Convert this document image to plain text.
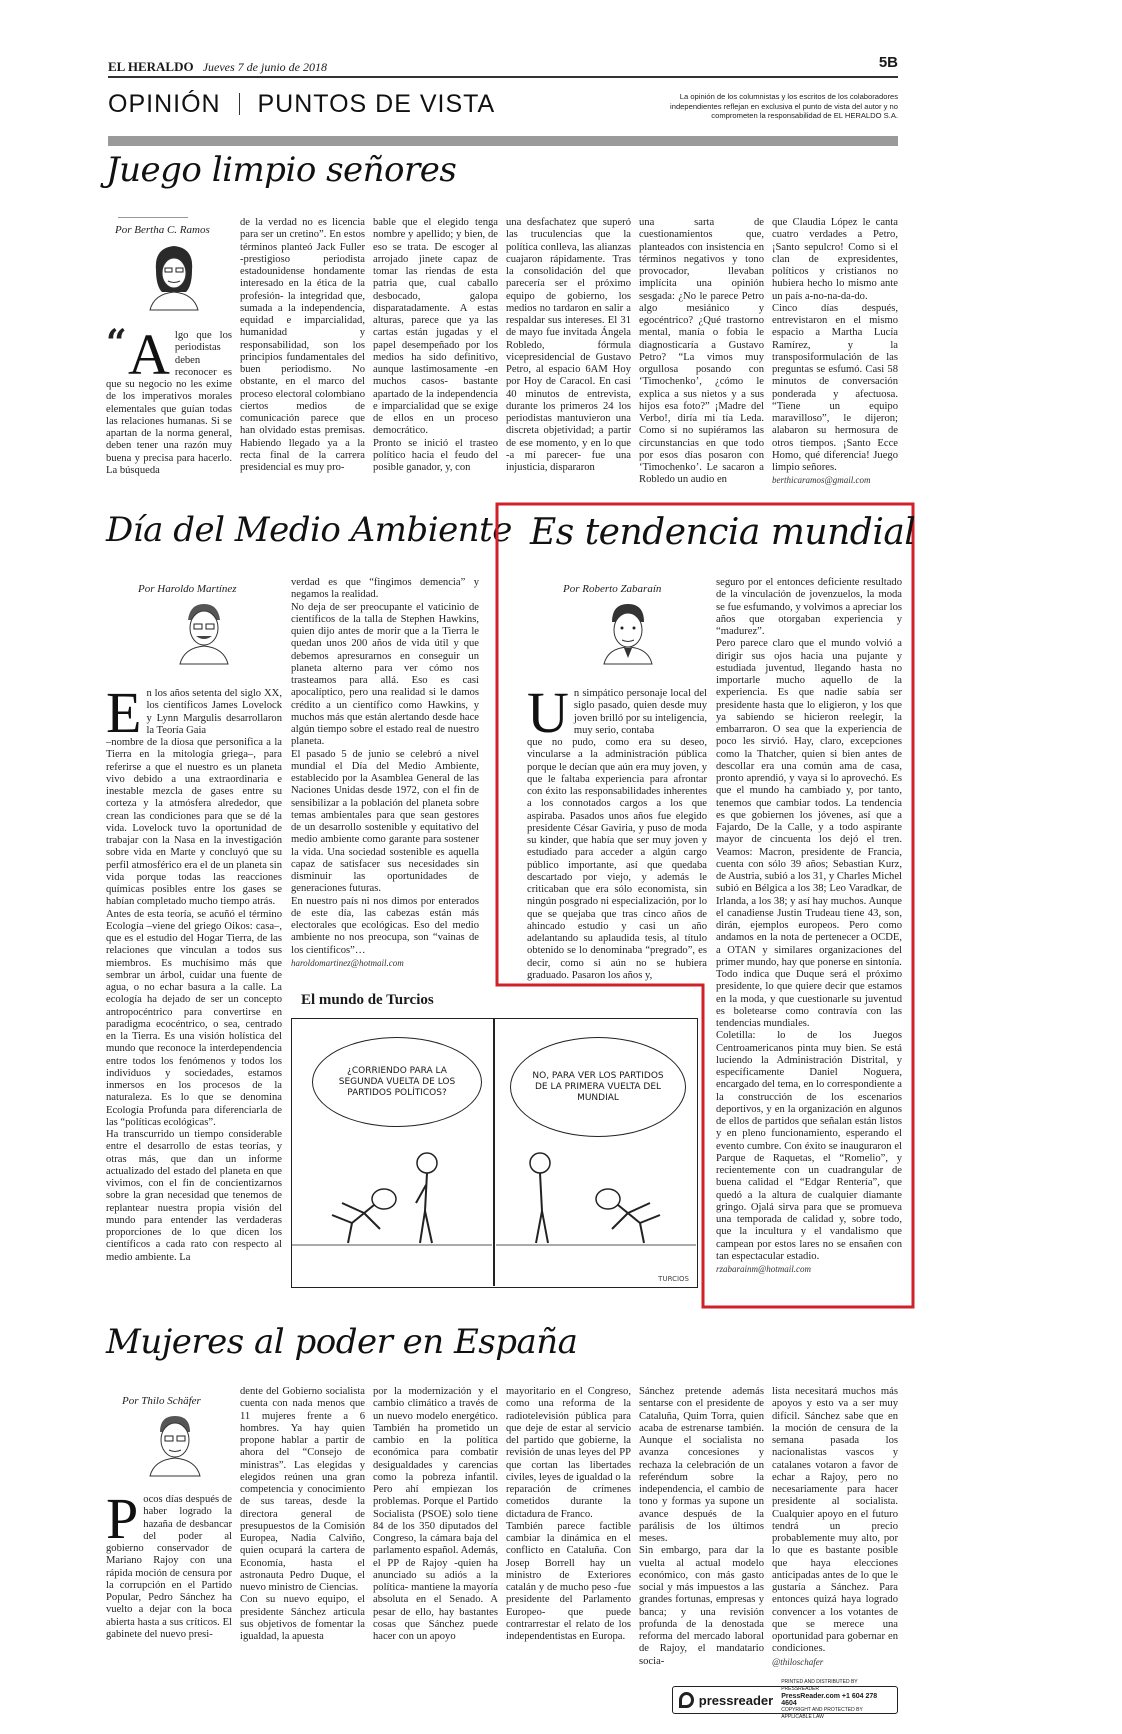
EL HERALDO Jueves 7 de junio de 2018	5B
OPINIÓN PUNTOS DE VISTA	La opinión de los columnistas y los escritos de los colaboradores independientes reflejan en exclusiva el punto de vista del autor y no comprometen la responsabilidad de EL HERALDO S.A.
Juego limpio señores
Por Bertha C. Ramos
“ A lgo que los periodistas deben reconocer es que su negocio no les exime de los imperativos morales elementales que guían todas las relaciones humanas. Si se apartan de la norma general, deben tener una razón muy buena y precisa para hacerlo. La búsqueda
de la verdad no es licencia para ser un cretino”. En estos términos planteó Jack Fuller -prestigioso periodista estadounidense hondamente interesado en la ética de la profesión- la integridad que, sumada a la independencia, equidad e imparcialidad, humanidad y responsabilidad, son los principios fundamentales del buen periodismo. No obstante, en el marco del proceso electoral colombiano ciertos medios de comunicación parece que han olvidado estas premisas. Habiendo llegado ya a la recta final de la carrera presidencial es muy pro-
bable que el elegido tenga nombre y apellido; y bien, de eso se trata. De escoger al arrojado jinete capaz de tomar las riendas de esta patria que, cual caballo desbocado, galopa disparatadamente. A estas alturas, parece que ya las cartas están jugadas y el papel desempeñado por los medios ha sido definitivo, aunque lastimosamente -en muchos casos- bastante apartado de la independencia e imparcialidad que se exige de ellos en un proceso democrático.
Pronto se inició el trasteo político hacia el feudo del posible ganador, y, con
una desfachatez que superó las truculencias que la política conlleva, las alianzas cuajaron rápidamente. Tras la consolidación del que parecería ser el próximo equipo de gobierno, los medios no tardaron en salir a respaldar sus intereses. El 31 de mayo fue invitada Ángela Robledo, fórmula vicepresidencial de Gustavo Petro, al espacio 6AM Hoy por Hoy de Caracol. En casi 40 minutos de entrevista, durante los primeros 24 los periodistas mantuvieron una discreta objetividad; a partir de ese momento, y en lo que -a mí parecer- fue una injusticia, dispararon
una sarta de cuestionamientos que, planteados con insistencia en términos negativos y tono provocador, llevaban implícita una opinión sesgada: ¿No le parece Petro algo mesiánico y egocéntrico? ¿Qué trastorno mental, manía o fobia le diagnosticaría a Gustavo Petro? “La vimos muy orgullosa posando con ‘Timochenko’, ¿cómo le explica a sus nietos y a sus hijos esa foto?” ¡Madre del Verbo!, diría mi tía Leda. Como si no supiéramos las circunstancias en que todo por esos días posaron con ‘Timochenko’. Le sacaron a Robledo un audio en
que Claudia López le canta cuatro verdades a Petro, ¡Santo sepulcro! Como si el clan de expresidentes, políticos y cristianos no hubiera hecho lo mismo ante un país a-no-na-da-do.
Cinco días después, entrevistaron en el mismo espacio a Martha Lucía Ramírez, y la transposiformulación de las preguntas se esfumó. Casi 58 minutos de conversación ponderada y afectuosa. “Tiene un equipo maravilloso”, le dijeron; alabaron su hermosura de otros tiempos. ¡Santo Ecce Homo, qué diferencia! Juego limpio señores.
berthicaramos@gmail.com
Día del Medio Ambiente
Por Haroldo Martínez
E n los años setenta del siglo XX, los científicos James Lovelock y Lynn Margulis desarrollaron la Teoría Gaia
–nombre de la diosa que personifica a la Tierra en la mitología griega–, para referirse a que el nuestro es un planeta vivo debido a una extraordinaria e inestable mezcla de gases entre su corteza y la atmósfera alrededor, que crean las condiciones para que se dé la vida. Lovelock tuvo la oportunidad de trabajar con la Nasa en la investigación sobre vida en Marte y concluyó que su perfil atmosférico era el de un planeta sin vida porque todas las reacciones químicas posibles entre los gases se habían completado mucho tiempo atrás.
Antes de esta teoría, se acuñó el término Ecología –viene del griego Oikos: casa–, que es el estudio del Hogar Tierra, de las relaciones que vinculan a todos sus miembros. Es muchísimo más que sembrar un árbol, cuidar una fuente de agua, o no echar basura a la calle. La ecología ha dejado de ser un concepto antropocéntrico para convertirse en paradigma ecocéntrico, o sea, centrado en la Tierra. Es una visión holística del mundo que reconoce la interdependencia entre todos los fenómenos y todos los individuos y sociedades, estamos inmersos en los procesos de la naturaleza. Es lo que se denomina Ecología Profunda para diferenciarla de las “políticas ecológicas”.
Ha transcurrido un tiempo considerable entre el desarrollo de estas teorías, y otras más, que dan un informe actualizado del estado del planeta en que vivimos, con el fin de concientizarnos sobre la gran necesidad que tenemos de replantear nuestra propia visión del mundo para entender las verdaderas proporciones de lo que dicen los científicos a cada rato con respecto al medio ambiente. La
verdad es que “fingimos demencia” y negamos la realidad.
No deja de ser preocupante el vaticinio de científicos de la talla de Stephen Hawkins, quien dijo antes de morir que a la Tierra le quedan unos 200 años de vida útil y que debemos apresurarnos en conseguir un planeta alterno para ver cómo nos trasteamos para allá. Eso es casi apocalíptico, pero una realidad si le damos crédito a un científico como Hawkins, y muchos más que están alertando desde hace algún tiempo sobre el estado real de nuestro planeta.
El pasado 5 de junio se celebró a nivel mundial el Día del Medio Ambiente, establecido por la Asamblea General de las Naciones Unidas desde 1972, con el fin de sensibilizar a la población del planeta sobre temas ambientales para que sean gestores de un desarrollo sostenible y equitativo del medio ambiente como garante para sostener la vida. Una sociedad sostenible es aquella capaz de satisfacer sus necesidades sin disminuir las oportunidades de generaciones futuras.
En nuestro país ni nos dimos por enterados de este día, las cabezas están más electorales que ecológicas. Eso del medio ambiente no nos preocupa, son “vainas de los científicos”…
haroldomartinez@hotmail.com
El mundo de Turcios
¿CORRIENDO PARA LA SEGUNDA VUELTA DE LOS PARTIDOS POLÍTICOS?
NO, PARA VER LOS PARTIDOS DE LA PRIMERA VUELTA DEL MUNDIAL
TURCIOS
Es tendencia mundial
Por Roberto Zabaraín
U n simpático personaje local del siglo pasado, quien desde muy joven brilló por su inteligencia, muy serio, contaba
que no pudo, como era su deseo, vincularse a la administración pública porque le decían que aún era muy joven, y que le faltaba experiencia para afrontar con éxito las responsabilidades inherentes a los connotados cargos a los que aspiraba. Pasados unos años fue elegido presidente César Gaviria, y puso de moda su kinder, que había que ser muy joven y estudiado para acceder a algún cargo público importante, así que quedaba descartado por viejo, y además le criticaban que era sólo economista, sin ningún posgrado ni especialización, por lo que se quejaba que tras cinco años de ahincado estudio y casi un año adelantando su aplaudida tesis, al título obtenido se lo denominaba “pregrado”, es decir, como si aún no se hubiera graduado. Pasaron los años y,
seguro por el entonces deficiente resultado de la vinculación de jovenzuelos, la moda se fue esfumando, y volvimos a apreciar los años que otorgaban experiencia y “madurez”.
Pero parece claro que el mundo volvió a dirigir sus ojos hacia una pujante y estudiada juventud, llegando hasta no importarle mucho aquello de la experiencia. Es que nadie sabía ser presidente hasta que lo eligieron, y los que ya sabiendo se hicieron reelegir, la embarraron. O sea que la experiencia de poco les sirvió. Hay, claro, excepciones como la Thatcher, quien si bien antes de descollar era una común ama de casa, pronto aprendió, y vaya si lo aprovechó. Es que el mundo ha cambiado y, por tanto, tenemos que cambiar todos. La tendencia es que gobiernen los jóvenes, así que a Fajardo, De la Calle, y a todo aspirante mayor de cincuenta los dejó el tren. Veamos: Macron, presidente de Francia, cuenta con sólo 39 años; Sebastian Kurz, de Austria, subió a los 31, y Charles Michel subió en Bélgica a los 38; Leo Varadkar, de Irlanda, a los 38; y así hay muchos. Aunque el canadiense Justin Trudeau tiene 43, son, dirán, ejemplos europeos. Pero como andamos en la nota de pertenecer a OCDE, a OTAN y similares organizaciones del primer mundo, hay que ponerse en sintonía.
Todo indica que Duque será el próximo presidente, lo que quiere decir que estamos en la moda, y que cuestionarle su juventud es boletearse como contravía con las tendencias mundiales.
Coletilla: lo de los Juegos Centroamericanos pinta muy bien. Se está luciendo la Administración Distrital, y específicamente Daniel Noguera, encargado del tema, en lo correspondiente a la construcción de los escenarios deportivos, y en la organización en algunos de ellos de partidos que señalan están listos y en pleno funcionamiento, esperando el evento cumbre. Con éxito se inauguraron el Parque de Raquetas, el “Romelio”, y recientemente con un cuadrangular de buena calidad el “Edgar Rentería”, que quedó a la altura de cualquier diamante gringo. Ojalá sirva para que se promueva una temporada de calidad y, sobre todo, que la incultura y el vandalismo que campean por estos lares no se ensañen con tan espectacular estadio.
rzabarainm@hotmail.com
Mujeres al poder en España
Por Thilo Schäfer
P ocos días después de haber logrado la hazaña de desbancar del poder al gobierno conservador de Mariano Rajoy con una rápida moción de censura por la corrupción en el Partido Popular, Pedro Sánchez ha vuelto a dejar con la boca abierta hasta a sus críticos. El gabinete del nuevo presi-
dente del Gobierno socialista cuenta con nada menos que 11 mujeres frente a 6 hombres. Ya hay quien propone hablar a partir de ahora del “Consejo de ministras”. Las elegidas y elegidos reúnen una gran competencia y conocimiento de sus tareas, desde la directora general de presupuestos de la Comisión Europea, Nadia Calviño, quien ocupará la cartera de Economía, hasta el astronauta Pedro Duque, el nuevo ministro de Ciencias.
Con su nuevo equipo, el presidente Sánchez articula sus objetivos de fomentar la igualdad, la apuesta
por la modernización y el cambio climático a través de un nuevo modelo energético. También ha prometido un cambio en la política económica para combatir desigualdades y carencias como la pobreza infantil. Pero ahí empiezan los problemas. Porque el Partido Socialista (PSOE) solo tiene 84 de los 350 diputados del Congreso, la cámara baja del parlamento español. Además, el PP de Rajoy -quien ha anunciado su adiós a la política- mantiene la mayoría absoluta en el Senado. A pesar de ello, hay bastantes cosas que Sánchez puede hacer con un apoyo
mayoritario en el Congreso, como una reforma de la radiotelevisión pública para que deje de estar al servicio del partido que gobierne, la revisión de unas leyes del PP que cortan las libertades civiles, leyes de igualdad o la reparación de crímenes cometidos durante la dictadura de Franco.
También parece factible cambiar la dinámica en el conflicto en Cataluña. Con Josep Borrell hay un ministro de Exteriores catalán y de mucho peso -fue presidente del Parlamento Europeo- que puede contrarrestar el relato de los independentistas en Europa.
Sánchez pretende además sentarse con el presidente de Cataluña, Quim Torra, quien acaba de estrenarse también. Aunque el socialista no avanza concesiones y rechaza la celebración de un referéndum sobre la independencia, el cambio de tono y formas ya supone un avance después de la parálisis de los últimos meses.
Sin embargo, para dar la vuelta al actual modelo económico, con más gasto social y más impuestos a las grandes fortunas, empresas y banca; y una revisión profunda de la denostada reforma del mercado laboral de Rajoy, el mandatario socia-
lista necesitará muchos más apoyos y esto va a ser muy difícil. Sánchez sabe que en la moción de censura de la semana pasada los nacionalistas vascos y catalanes votaron a favor de echar a Rajoy, pero no necesariamente para hacer presidente al socialista. Cualquier apoyo en el futuro tendrá un precio probablemente muy alto, por lo que es bastante posible que haya elecciones anticipadas antes de lo que le gustaría a Sánchez. Para entonces quizá haya logrado convencer a los votantes de que se merece una oportunidad para gobernar en condiciones.
@thiloschafer
pressreader
PRINTED AND DISTRIBUTED BY PRESSREADER
PressReader.com +1 604 278 4604
COPYRIGHT AND PROTECTED BY APPLICABLE LAW
